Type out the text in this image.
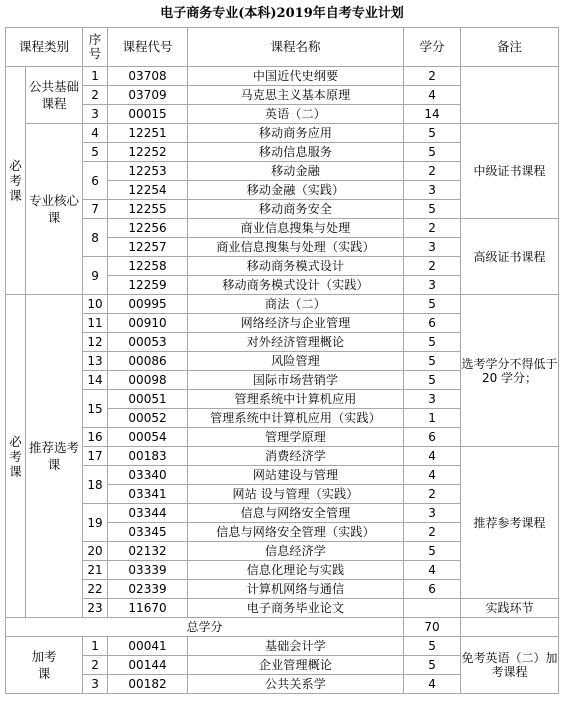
电子商务专业(本科)2019年自考专业计划
课程类别		序号	课程代号	课程名称	学分	备注

必考课	公共基础课程	1	03708	中国近代史纲要	2	
		2	03709	马克思主义基本原理	4	
		3	00015	英语（二）	14	

	专业核心课	4	12251	移动商务应用	5	中级证书课程
		5	12252	移动信息服务	5	
		6	12253	移动金融	2	
			12254	移动金融（实践）	3	
		7	12255	移动商务安全	5	
		8	12256	商业信息搜集与处理	2	高级证书课程
			12257	商业信息搜集与处理（实践）	3	
		9	12258	移动商务模式设计	2	
			12259	移动商务模式设计（实践）	3	

必考课	推荐选考课	10	00995	商法（二）	5	选考学分不得低于 20 学分；
		11	00910	网络经济与企业管理	6	
		12	00053	对外经济管理概论	5	
		13	00086	风险管理	5	
		14	00098	国际市场营销学	5	
		15	00051	管理系统中计算机应用	3	
			00052	管理系统中计算机应用（实践）	1	
		16	00054	管理学原理	6	
		17	00183	消费经济学	4	推荐参考课程
		18	03340	网站建设与管理	4	
			03341	网站 设与管理（实践）	2	
		19	03344	信息与网络安全管理	3	
			03345	信息与网络安全管理（实践）	2	
		20	02132	信息经济学	5	
		21	03339	信息化理论与实践	4	
		22	02339	计算机网络与通信	6	
		23	11670	电子商务毕业论文		实践环节
总学分					70	

加考课		1	00041	基础会计学	5	免考英语（二）加考课程
		2	00144	企业管理概论	5	
		3	00182	公共关系学	4	
